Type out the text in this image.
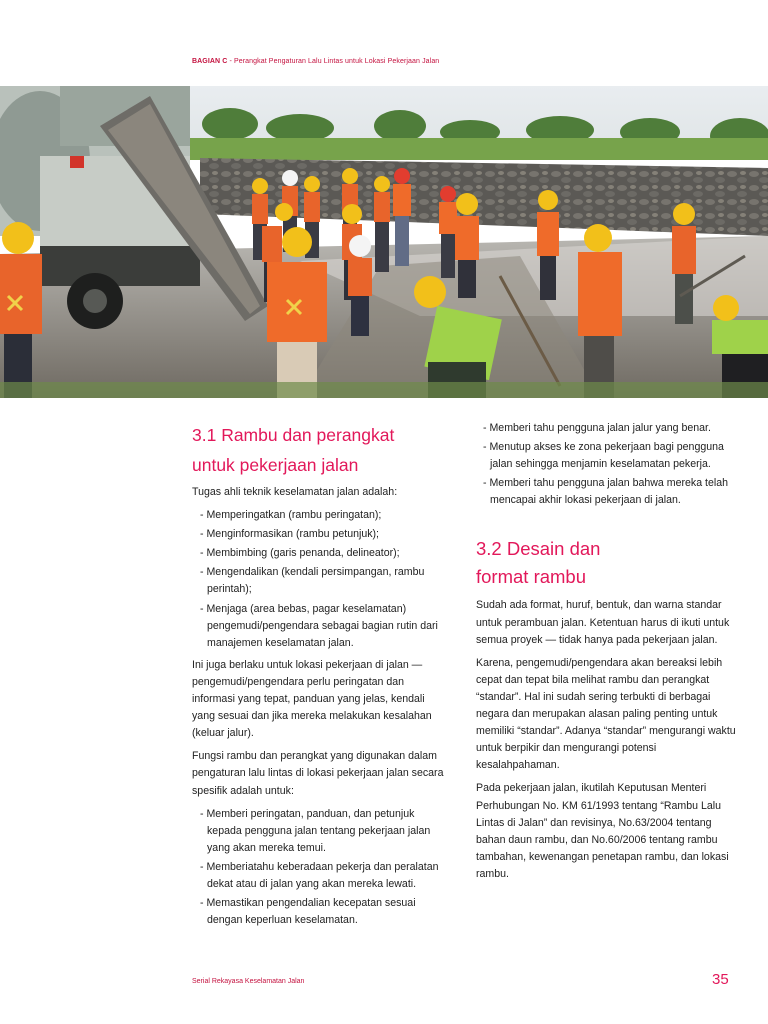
BAGIAN C - Perangkat Pengaturan Lalu Lintas untuk Lokasi Pekerjaan Jalan
3.1 Rambu dan perangkat
untuk pekerjaan jalan

Tugas ahli teknik keselamatan jalan adalah:

- Memperingatkan (rambu peringatan);
- Menginformasikan (rambu petunjuk);
- Membimbing (garis penanda, delineator);
- Mengendalikan (kendali persimpangan, rambu perintah);
- Menjaga (area bebas, pagar keselamatan) pengemudi/pengendara sebagai bagian rutin dari manajemen keselamatan jalan.

Ini juga berlaku untuk lokasi pekerjaan di jalan — pengemudi/pengendara perlu peringatan dan informasi yang tepat, panduan yang jelas, kendali yang sesuai dan jika mereka melakukan kesalahan (keluar jalur).

Fungsi rambu dan perangkat yang digunakan dalam pengaturan lalu lintas di lokasi pekerjaan jalan secara spesifik adalah untuk:

- Memberi peringatan, panduan, dan petunjuk kepada pengguna jalan tentang pekerjaan jalan yang akan mereka temui.
- Memberiatahu keberadaan pekerja dan peralatan dekat atau di jalan yang akan mereka lewati.
- Memastikan pengendalian kecepatan sesuai dengan keperluan keselamatan.
- Memberi tahu pengguna jalan jalur yang benar.
- Menutup akses ke zona pekerjaan bagi pengguna jalan sehingga menjamin keselamatan pekerja.
- Memberi tahu pengguna jalan bahwa mereka telah mencapai akhir lokasi pekerjaan di jalan.
3.2 Desain dan
format rambu

Sudah ada format, huruf, bentuk, dan warna standar untuk perambuan jalan. Ketentuan harus di ikuti untuk semua proyek — tidak hanya pada pekerjaan jalan.

Karena, pengemudi/pengendara akan bereaksi lebih cepat dan tepat bila melihat rambu dan perangkat “standar”. Hal ini sudah sering terbukti di berbagai negara dan merupakan alasan paling penting untuk memiliki “standar”. Adanya “standar” mengurangi waktu untuk berpikir dan mengurangi potensi kesalahpahaman.

Pada pekerjaan jalan, ikutilah Keputusan Menteri Perhubungan No. KM 61/1993 tentang “Rambu Lalu Lintas di Jalan” dan revisinya, No.63/2004 tentang bahan daun rambu, dan No.60/2006 tentang rambu tambahan, kewenangan penetapan rambu, dan lokasi rambu.

Serial Rekayasa Keselamatan Jalan	35
